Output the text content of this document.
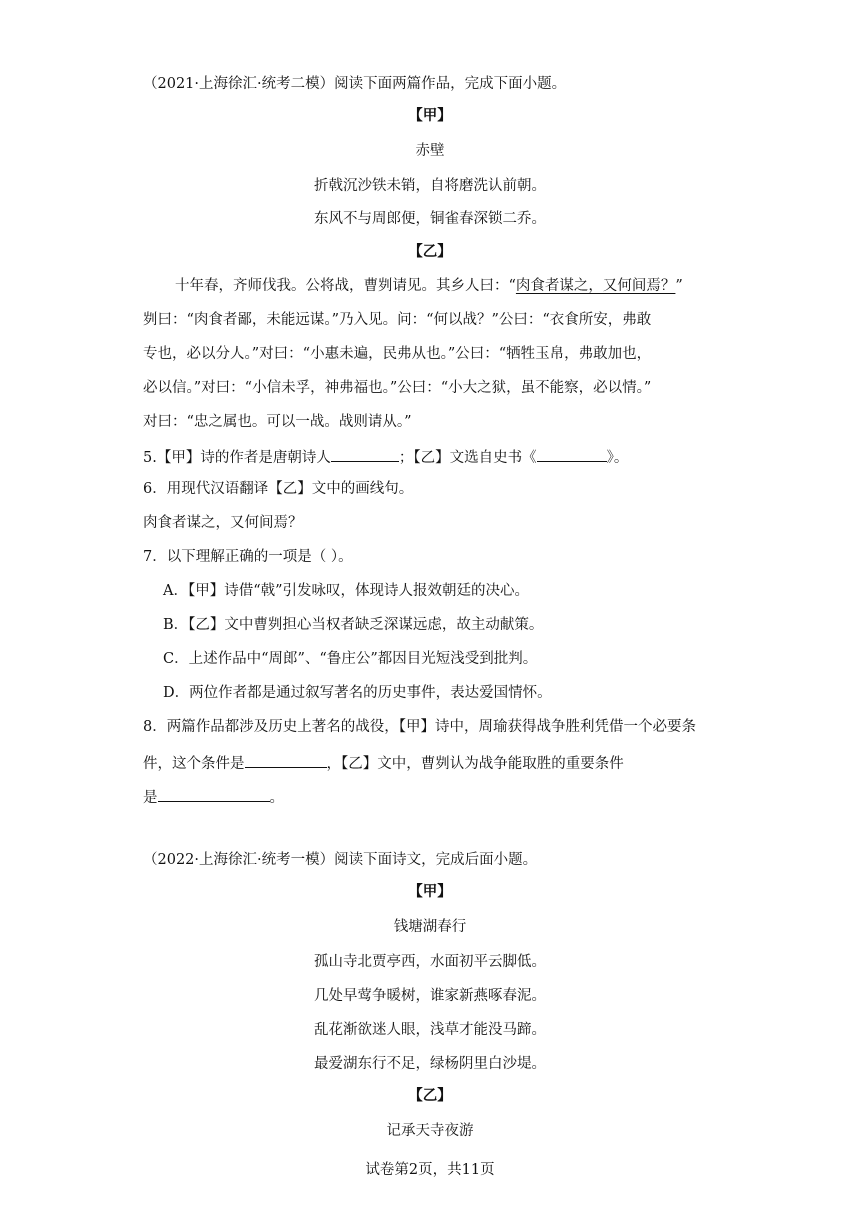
（2021·上海徐汇·统考二模）阅读下面两篇作品，完成下面小题。
【甲】
赤壁
折戟沉沙铁未销，自将磨洗认前朝。
东风不与周郎便，铜雀春深锁二乔。
【乙】
十年春，齐师伐我。公将战，曹刿请见。其乡人曰：“肉食者谋之，又何间焉？”
刿曰：“肉食者鄙，未能远谋。”乃入见。问：“何以战？”公曰：“衣食所安，弗敢
专也，必以分人。”对曰：“小惠未遍，民弗从也。”公曰：“牺牲玉帛，弗敢加也，
必以信。”对曰：“小信未孚，神弗福也。”公曰：“小大之狱，虽不能察，必以情。”
对曰：“忠之属也。可以一战。战则请从。”
5.【甲】诗的作者是唐朝诗人	；【乙】文选自史书《	》。
6．用现代汉语翻译【乙】文中的画线句。
肉食者谋之，又何间焉？
7．以下理解正确的一项是（ ）。
A．【甲】诗借“戟”引发咏叹，体现诗人报效朝廷的决心。
B．【乙】文中曹刿担心当权者缺乏深谋远虑，故主动献策。
C．上述作品中“周郎”、“鲁庄公”都因目光短浅受到批判。
D．两位作者都是通过叙写著名的历史事件，表达爱国情怀。
8．两篇作品都涉及历史上著名的战役，【甲】诗中，周瑜获得战争胜利凭借一个必要条
件，这个条件是	，【乙】文中，曹刿认为战争能取胜的重要条件
是	。
（2022·上海徐汇·统考一模）阅读下面诗文，完成后面小题。
【甲】
钱塘湖春行
孤山寺北贾亭西，水面初平云脚低。
几处早莺争暖树，谁家新燕啄春泥。
乱花渐欲迷人眼，浅草才能没马蹄。
最爱湖东行不足，绿杨阴里白沙堤。
【乙】
记承天寺夜游
试卷第2页，共11页
